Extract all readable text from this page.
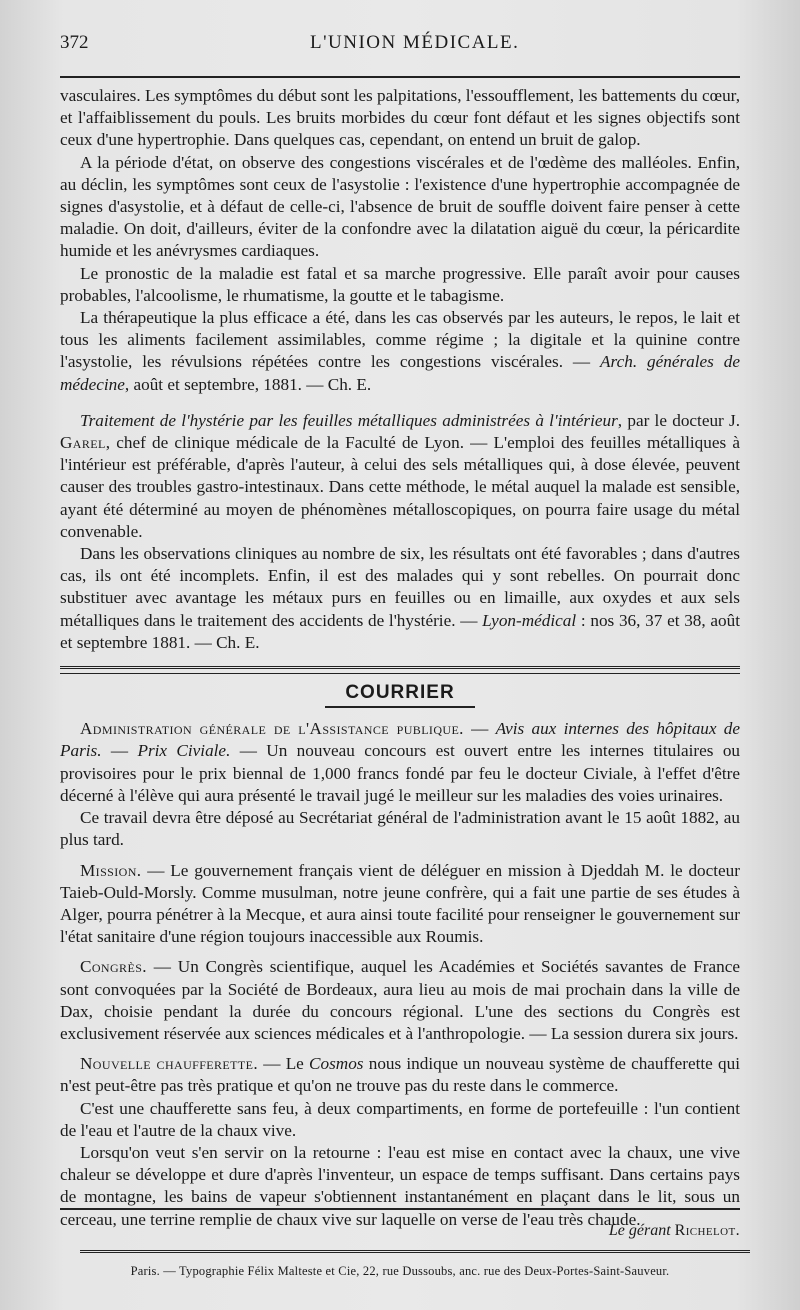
372	L'UNION MÉDICALE.

vasculaires. Les symptômes du début sont les palpitations, l'essoufflement, les battements du cœur, et l'affaiblissement du pouls. Les bruits morbides du cœur font défaut et les signes objectifs sont ceux d'une hypertrophie. Dans quelques cas, cependant, on entend un bruit de galop.

A la période d'état, on observe des congestions viscérales et de l'œdème des malléoles. Enfin, au déclin, les symptômes sont ceux de l'asystolie : l'existence d'une hypertrophie accompagnée de signes d'asystolie, et à défaut de celle-ci, l'absence de bruit de souffle doivent faire penser à cette maladie. On doit, d'ailleurs, éviter de la confondre avec la dilatation aiguë du cœur, la péricardite humide et les anévrysmes cardiaques.

Le pronostic de la maladie est fatal et sa marche progressive. Elle paraît avoir pour causes probables, l'alcoolisme, le rhumatisme, la goutte et le tabagisme.

La thérapeutique la plus efficace a été, dans les cas observés par les auteurs, le repos, le lait et tous les aliments facilement assimilables, comme régime ; la digitale et la quinine contre l'asystolie, les révulsions répétées contre les congestions viscérales. — Arch. générales de médecine, août et septembre, 1881. — Ch. E.

Traitement de l'hystérie par les feuilles métalliques administrées à l'intérieur, par le docteur J. Garel, chef de clinique médicale de la Faculté de Lyon. — L'emploi des feuilles métalliques à l'intérieur est préférable, d'après l'auteur, à celui des sels métalliques qui, à dose élevée, peuvent causer des troubles gastro-intestinaux. Dans cette méthode, le métal auquel la malade est sensible, ayant été déterminé au moyen de phénomènes métalloscopiques, on pourra faire usage du métal convenable.

Dans les observations cliniques au nombre de six, les résultats ont été favorables ; dans d'autres cas, ils ont été incomplets. Enfin, il est des malades qui y sont rebelles. On pourrait donc substituer avec avantage les métaux purs en feuilles ou en limaille, aux oxydes et aux sels métalliques dans le traitement des accidents de l'hystérie. — Lyon-médical : nos 36, 37 et 38, août et septembre 1881. — Ch. E.

COURRIER

Administration générale de l'Assistance publique. — Avis aux internes des hôpitaux de Paris. — Prix Civiale. — Un nouveau concours est ouvert entre les internes titulaires ou provisoires pour le prix biennal de 1,000 francs fondé par feu le docteur Civiale, à l'effet d'être décerné à l'élève qui aura présenté le travail jugé le meilleur sur les maladies des voies urinaires.

Ce travail devra être déposé au Secrétariat général de l'administration avant le 15 août 1882, au plus tard.

Mission. — Le gouvernement français vient de déléguer en mission à Djeddah M. le docteur Taieb-Ould-Morsly. Comme musulman, notre jeune confrère, qui a fait une partie de ses études à Alger, pourra pénétrer à la Mecque, et aura ainsi toute facilité pour renseigner le gouvernement sur l'état sanitaire d'une région toujours inaccessible aux Roumis.

Congrès. — Un Congrès scientifique, auquel les Académies et Sociétés savantes de France sont convoquées par la Société de Bordeaux, aura lieu au mois de mai prochain dans la ville de Dax, choisie pendant la durée du concours régional. L'une des sections du Congrès est exclusivement réservée aux sciences médicales et à l'anthropologie. — La session durera six jours.

Nouvelle chaufferette. — Le Cosmos nous indique un nouveau système de chaufferette qui n'est peut-être pas très pratique et qu'on ne trouve pas du reste dans le commerce.

C'est une chaufferette sans feu, à deux compartiments, en forme de portefeuille : l'un contient de l'eau et l'autre de la chaux vive.

Lorsqu'on veut s'en servir on la retourne : l'eau est mise en contact avec la chaux, une vive chaleur se développe et dure d'après l'inventeur, un espace de temps suffisant. Dans certains pays de montagne, les bains de vapeur s'obtiennent instantanément en plaçant dans le lit, sous un cerceau, une terrine remplie de chaux vive sur laquelle on verse de l'eau très chaude.

Le gérant Richelot.
Paris. — Typographie Félix Malteste et Cie, 22, rue Dussoubs, anc. rue des Deux-Portes-Saint-Sauveur.
